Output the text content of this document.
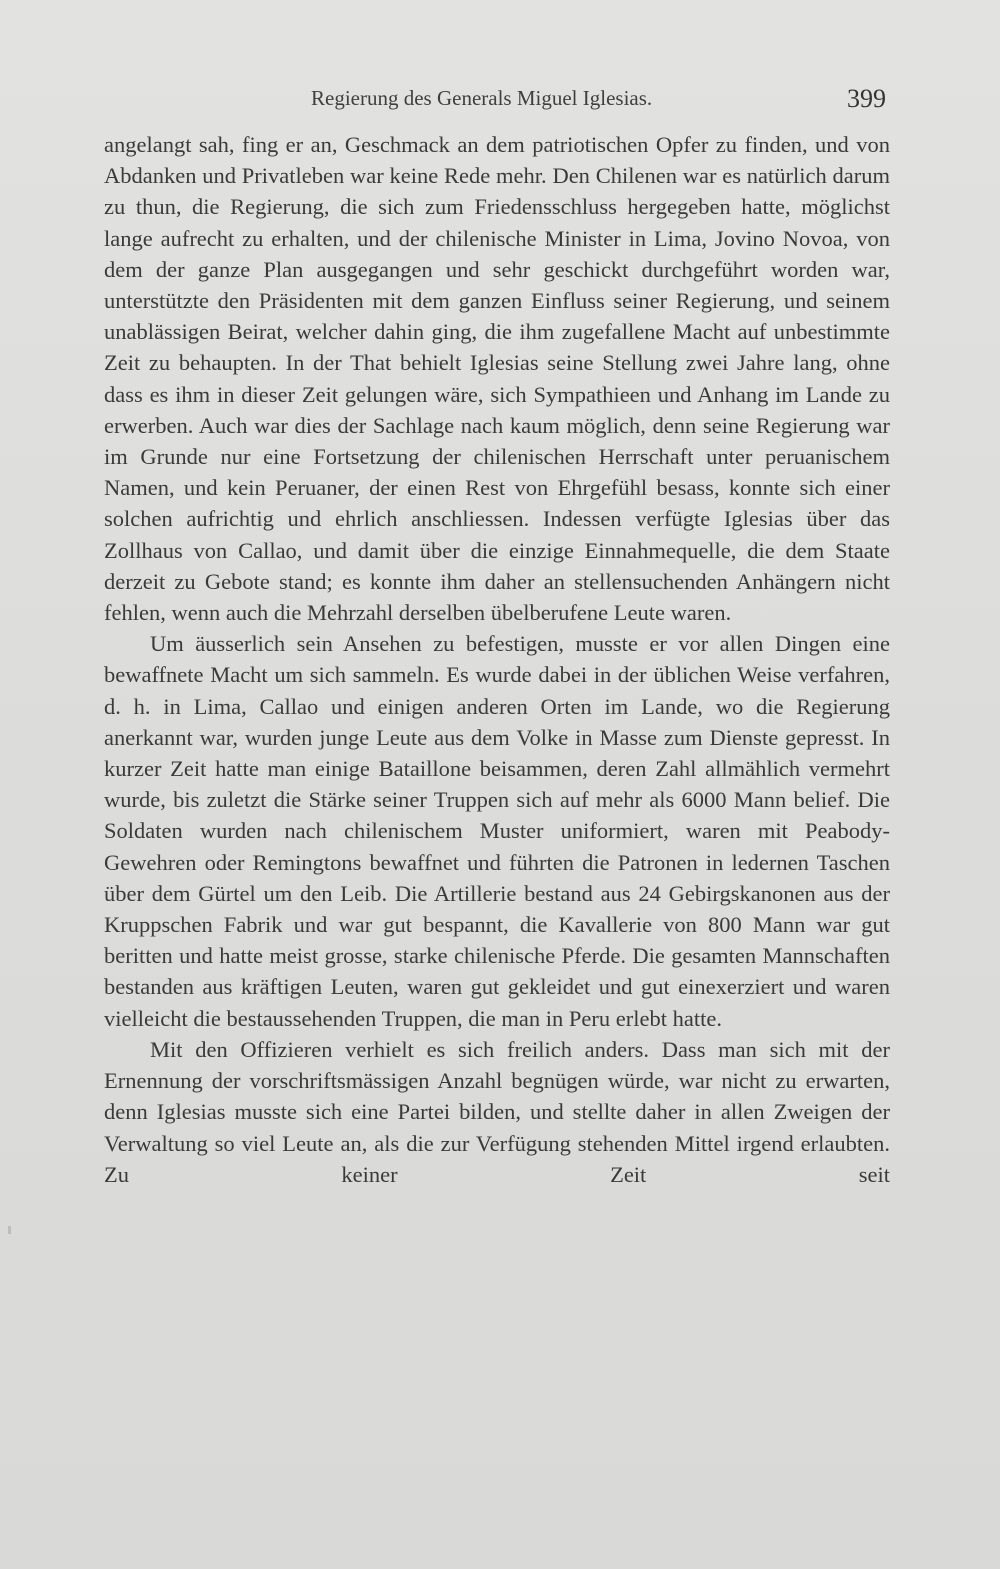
Regierung des Generals Miguel Iglesias.	399

angelangt sah, fing er an, Geschmack an dem patriotischen Opfer zu finden, und von Abdanken und Privatleben war keine Rede mehr. Den Chilenen war es natürlich darum zu thun, die Regierung, die sich zum Friedensschluss hergegeben hatte, möglichst lange aufrecht zu erhalten, und der chilenische Minister in Lima, Jovino Novoa, von dem der ganze Plan ausgegangen und sehr geschickt durchgeführt worden war, unterstützte den Präsidenten mit dem ganzen Einfluss seiner Regierung, und seinem unablässigen Beirat, welcher dahin ging, die ihm zugefallene Macht auf unbestimmte Zeit zu behaupten. In der That behielt Iglesias seine Stellung zwei Jahre lang, ohne dass es ihm in dieser Zeit gelungen wäre, sich Sympathieen und Anhang im Lande zu erwerben. Auch war dies der Sachlage nach kaum möglich, denn seine Regierung war im Grunde nur eine Fortsetzung der chilenischen Herrschaft unter peruanischem Namen, und kein Peruaner, der einen Rest von Ehrgefühl besass, konnte sich einer solchen aufrichtig und ehrlich anschliessen. Indessen verfügte Iglesias über das Zollhaus von Callao, und damit über die einzige Einnahmequelle, die dem Staate derzeit zu Gebote stand; es konnte ihm daher an stellensuchenden Anhängern nicht fehlen, wenn auch die Mehrzahl derselben übelberufene Leute waren.

Um äusserlich sein Ansehen zu befestigen, musste er vor allen Dingen eine bewaffnete Macht um sich sammeln. Es wurde dabei in der üblichen Weise verfahren, d. h. in Lima, Callao und einigen anderen Orten im Lande, wo die Regierung anerkannt war, wurden junge Leute aus dem Volke in Masse zum Dienste gepresst. In kurzer Zeit hatte man einige Bataillone beisammen, deren Zahl allmählich vermehrt wurde, bis zuletzt die Stärke seiner Truppen sich auf mehr als 6000 Mann belief. Die Soldaten wurden nach chilenischem Muster uniformiert, waren mit Peabody-Gewehren oder Remingtons bewaffnet und führten die Patronen in ledernen Taschen über dem Gürtel um den Leib. Die Artillerie bestand aus 24 Gebirgskanonen aus der Kruppschen Fabrik und war gut bespannt, die Kavallerie von 800 Mann war gut beritten und hatte meist grosse, starke chilenische Pferde. Die gesamten Mannschaften bestanden aus kräftigen Leuten, waren gut gekleidet und gut einexerziert und waren vielleicht die bestaussehenden Truppen, die man in Peru erlebt hatte.

Mit den Offizieren verhielt es sich freilich anders. Dass man sich mit der Ernennung der vorschriftsmässigen Anzahl begnügen würde, war nicht zu erwarten, denn Iglesias musste sich eine Partei bilden, und stellte daher in allen Zweigen der Verwaltung so viel Leute an, als die zur Verfügung stehenden Mittel irgend erlaubten. Zu keiner Zeit seit
